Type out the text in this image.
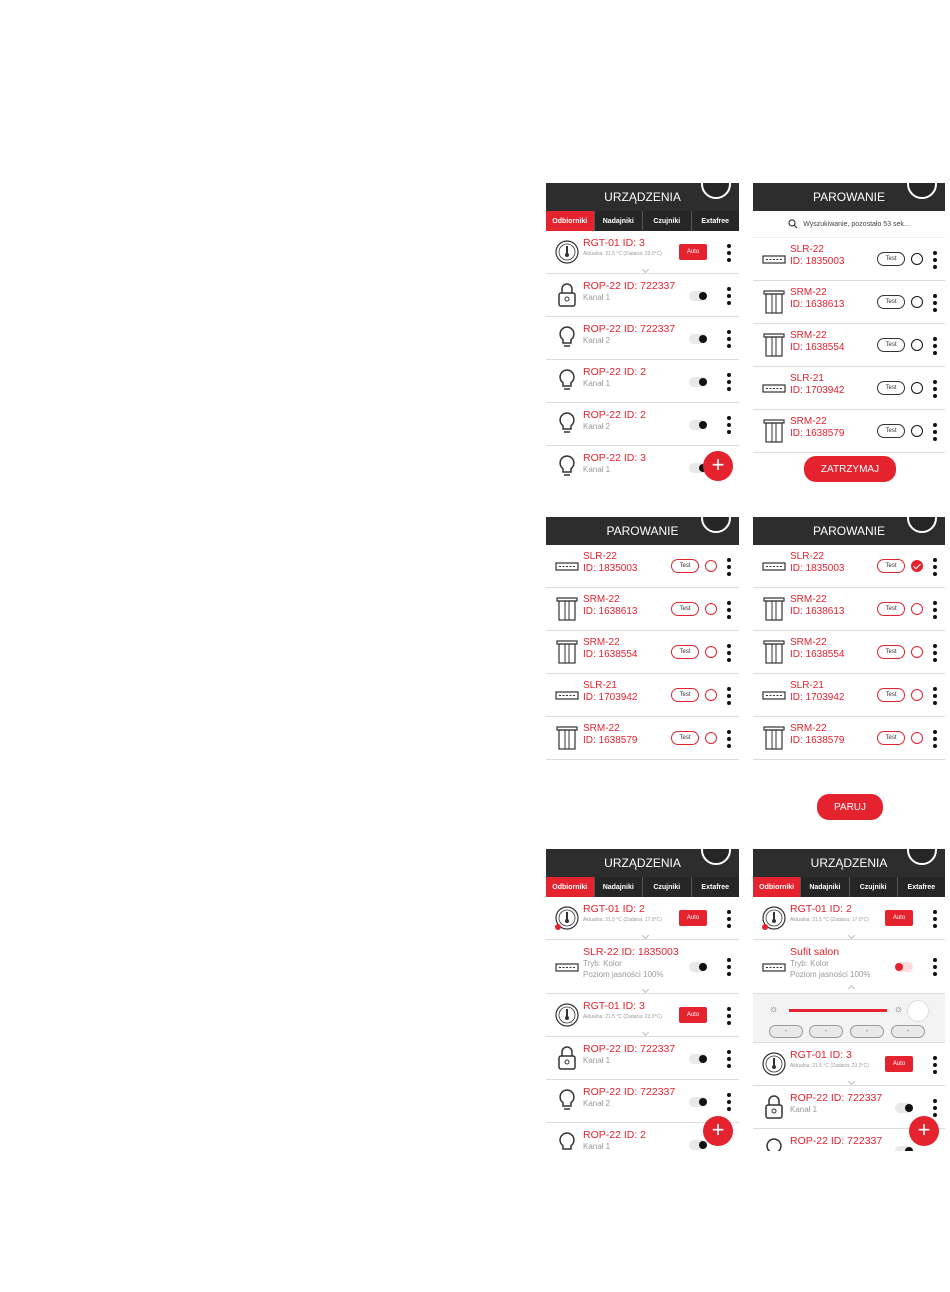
URZĄDZENIA
Odbiorniki	Nadajniki	Czujniki	Extafree
RGT-01 ID: 3
Aktualna: 21.5 °C (Zadana: 23.0°C)	Auto
ROP-22 ID: 722337
Kanał 1
ROP-22 ID: 722337
Kanał 2
ROP-22 ID: 2
Kanał 1
ROP-22 ID: 2
Kanał 2
ROP-22 ID: 3
Kanał 1	+
PAROWANIE
Wyszukiwanie, pozostało 53 sek...
SLR-22
ID: 1835003	Test
SRM-22
ID: 1638613	Test
SRM-22
ID: 1638554	Test
SLR-21
ID: 1703942	Test
SRM-22
ID: 1638579	Test
ZATRZYMAJ
PAROWANIE
SLR-22
ID: 1835003	Test
SRM-22
ID: 1638613	Test
SRM-22
ID: 1638554	Test
SLR-21
ID: 1703942	Test
SRM-22
ID: 1638579	Test
PAROWANIE
SLR-22
ID: 1835003	Test
SRM-22
ID: 1638613	Test
SRM-22
ID: 1638554	Test
SLR-21
ID: 1703942	Test
SRM-22
ID: 1638579	Test
PARUJ
URZĄDZENIA
Odbiorniki	Nadajniki	Czujniki	Extafree
RGT-01 ID: 2
Aktualna: 21.5 °C (Zadana: 17.0°C)	Auto
SLR-22 ID: 1835003
Tryb: Kolor
Poziom jasności 100%
RGT-01 ID: 3
Aktualna: 21.5 °C (Zadana: 23.0°C)	Auto
ROP-22 ID: 722337
Kanał 1
ROP-22 ID: 722337
Kanał 2
ROP-22 ID: 2
Kanał 1
+
URZĄDZENIA
Odbiorniki	Nadajniki	Czujniki	Extafree
RGT-01 ID: 2
Aktualna: 21.5 °C (Zadana: 17.0°C)	Auto
Sufit salon
Tryb: Kolor
Poziom jasności 100%
☼	☼
-	-	-	-
RGT-01 ID: 3
Aktualna: 21.5 °C (Zadana: 23.0°C)	Auto
ROP-22 ID: 722337
Kanał 1
ROP-22 ID: 722337	+
